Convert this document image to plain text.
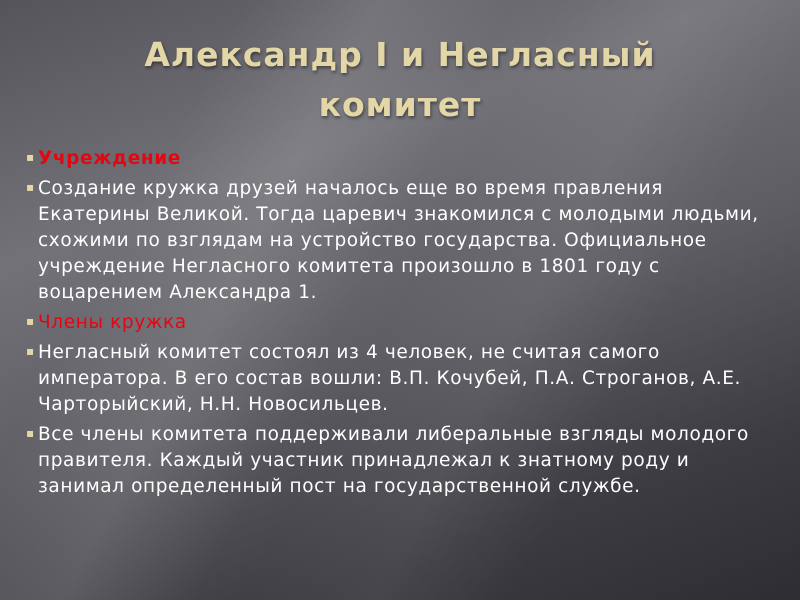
Александр I и Негласный комитет
▪ Учреждение
▪ Создание кружка друзей началось еще во время правления Екатерины Великой. Тогда царевич знакомился с молодыми людьми, схожими по взглядам на устройство государства. Официальное учреждение Негласного комитета произошло в 1801 году с воцарением Александра 1.
▪ Члены кружка
▪ Негласный комитет состоял из 4 человек, не считая самого императора. В его состав вошли: В.П. Кочубей, П.А. Строганов, А.Е. Чарторыйский, Н.Н. Новосильцев.
▪ Все члены комитета поддерживали либеральные взгляды молодого правителя. Каждый участник принадлежал к знатному роду и занимал определенный пост на государственной службе.
